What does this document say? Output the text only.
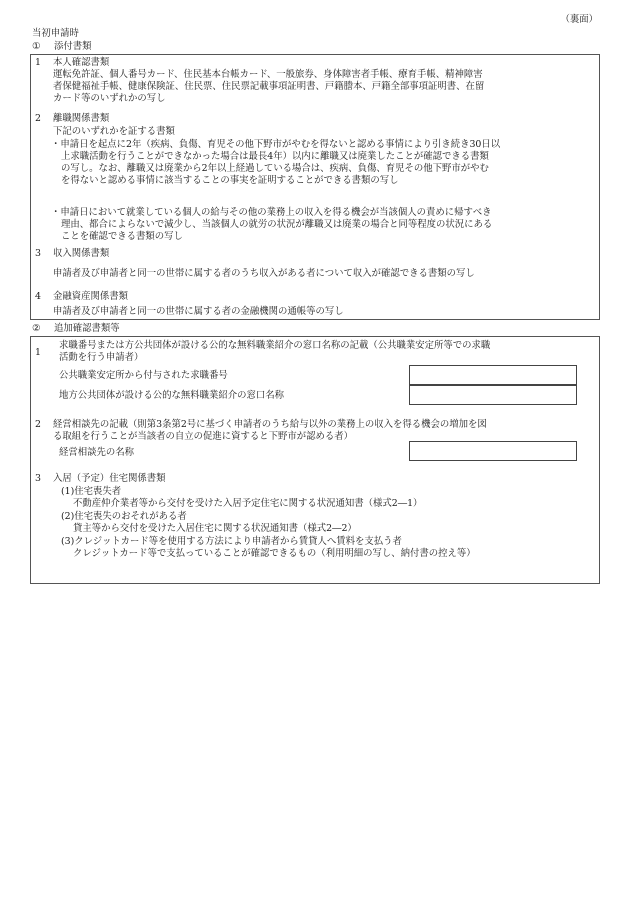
（裏面）
当初申請時
① 添付書類
1 本人確認書類
運転免許証、個人番号カード、住民基本台帳カード、一般旅券、身体障害者手帳、療育手帳、精神障害
者保健福祉手帳、健康保険証、住民票、住民票記載事項証明書、戸籍謄本、戸籍全部事項証明書、在留
カード等のいずれかの写し
2 離職関係書類
下記のいずれかを証する書類
・申請日を起点に2年（疾病、負傷、育児その他下野市がやむを得ないと認める事情により引き続き30日以
上求職活動を行うことができなかった場合は最長4年）以内に離職又は廃業したことが確認できる書類
の写し。なお、離職又は廃業から2年以上経過している場合は、疾病、負傷、育児その他下野市がやむ
を得ないと認める事情に該当することの事実を証明することができる書類の写し
・申請日において就業している個人の給与その他の業務上の収入を得る機会が当該個人の責めに帰すべき
理由、都合によらないで減少し、当該個人の就労の状況が離職又は廃業の場合と同等程度の状況にある
ことを確認できる書類の写し
3 収入関係書類
申請者及び申請者と同一の世帯に属する者のうち収入がある者について収入が確認できる書類の写し
4 金融資産関係書類
申請者及び申請者と同一の世帯に属する者の金融機関の通帳等の写し
② 追加確認書類等
1
求職番号または方公共団体が設ける公的な無料職業紹介の窓口名称の記載（公共職業安定所等での求職
活動を行う申請者）
公共職業安定所から付与された求職番号
地方公共団体が設ける公的な無料職業紹介の窓口名称
2 経営相談先の記載（則第3条第2号に基づく申請者のうち給与以外の業務上の収入を得る機会の増加を図
る取組を行うことが当該者の自立の促進に資すると下野市が認める者）
経営相談先の名称
3 入居（予定）住宅関係書類
(1)住宅喪失者
不動産仲介業者等から交付を受けた入居予定住宅に関する状況通知書（様式2―1）
(2)住宅喪失のおそれがある者
貸主等から交付を受けた入居住宅に関する状況通知書（様式2―2）
(3)クレジットカード等を使用する方法により申請者から賃貸人へ賃料を支払う者
クレジットカード等で支払っていることが確認できるもの（利用明細の写し、納付書の控え等）
